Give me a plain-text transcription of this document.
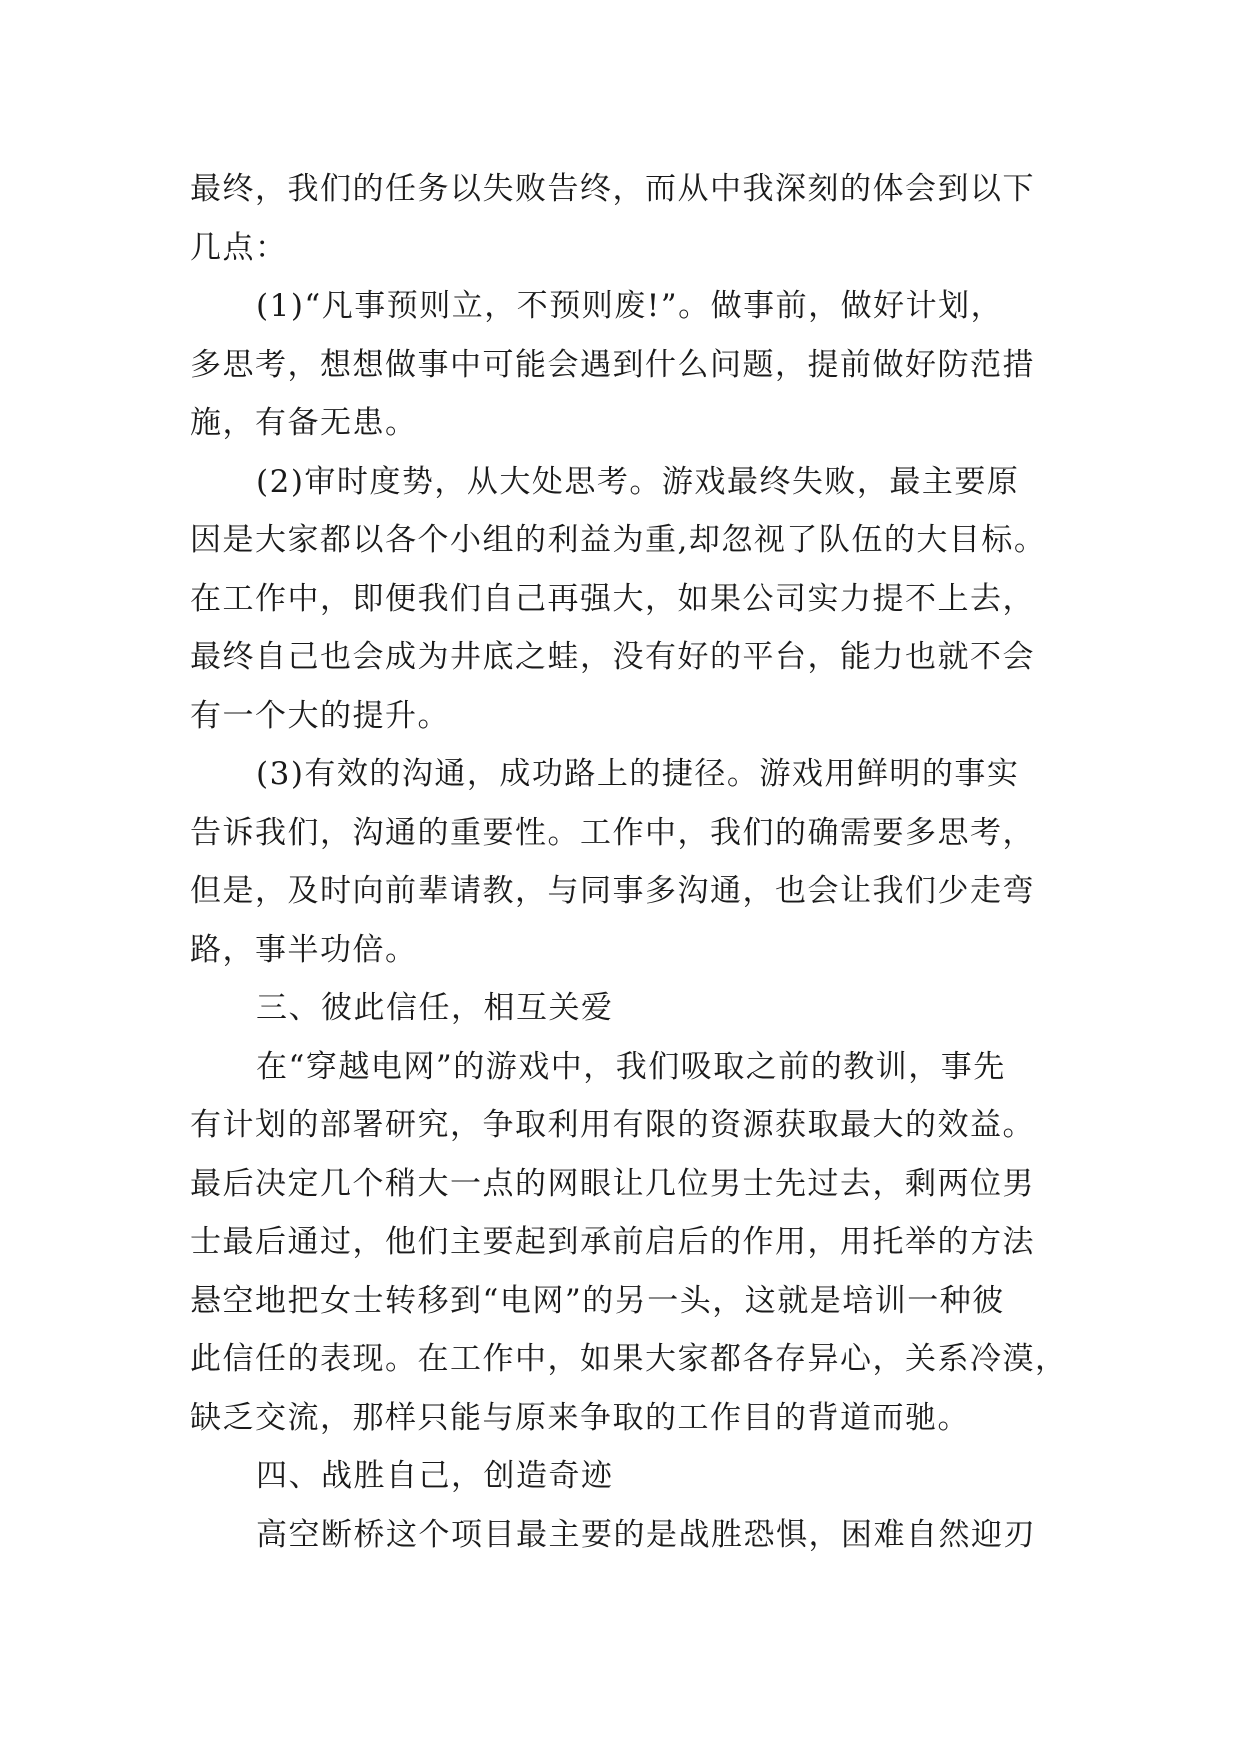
最终，我们的任务以失败告终，而从中我深刻的体会到以下
几点：
(1)“凡事预则立，不预则废!”。做事前，做好计划，
多思考，想想做事中可能会遇到什么问题，提前做好防范措
施，有备无患。
(2)审时度势，从大处思考。游戏最终失败，最主要原
因是大家都以各个小组的利益为重,却忽视了队伍的大目标。
在工作中，即便我们自己再强大，如果公司实力提不上去，
最终自己也会成为井底之蛙，没有好的平台，能力也就不会
有一个大的提升。
(3)有效的沟通，成功路上的捷径。游戏用鲜明的事实
告诉我们，沟通的重要性。工作中，我们的确需要多思考，
但是，及时向前辈请教，与同事多沟通，也会让我们少走弯
路，事半功倍。
三、彼此信任，相互关爱
在“穿越电网”的游戏中，我们吸取之前的教训，事先
有计划的部署研究，争取利用有限的资源获取最大的效益。
最后决定几个稍大一点的网眼让几位男士先过去，剩两位男
士最后通过，他们主要起到承前启后的作用，用托举的方法
悬空地把女士转移到“电网”的另一头，这就是培训一种彼
此信任的表现。在工作中，如果大家都各存异心，关系冷漠，
缺乏交流，那样只能与原来争取的工作目的背道而驰。
四、战胜自己，创造奇迹
高空断桥这个项目最主要的是战胜恐惧，困难自然迎刃
